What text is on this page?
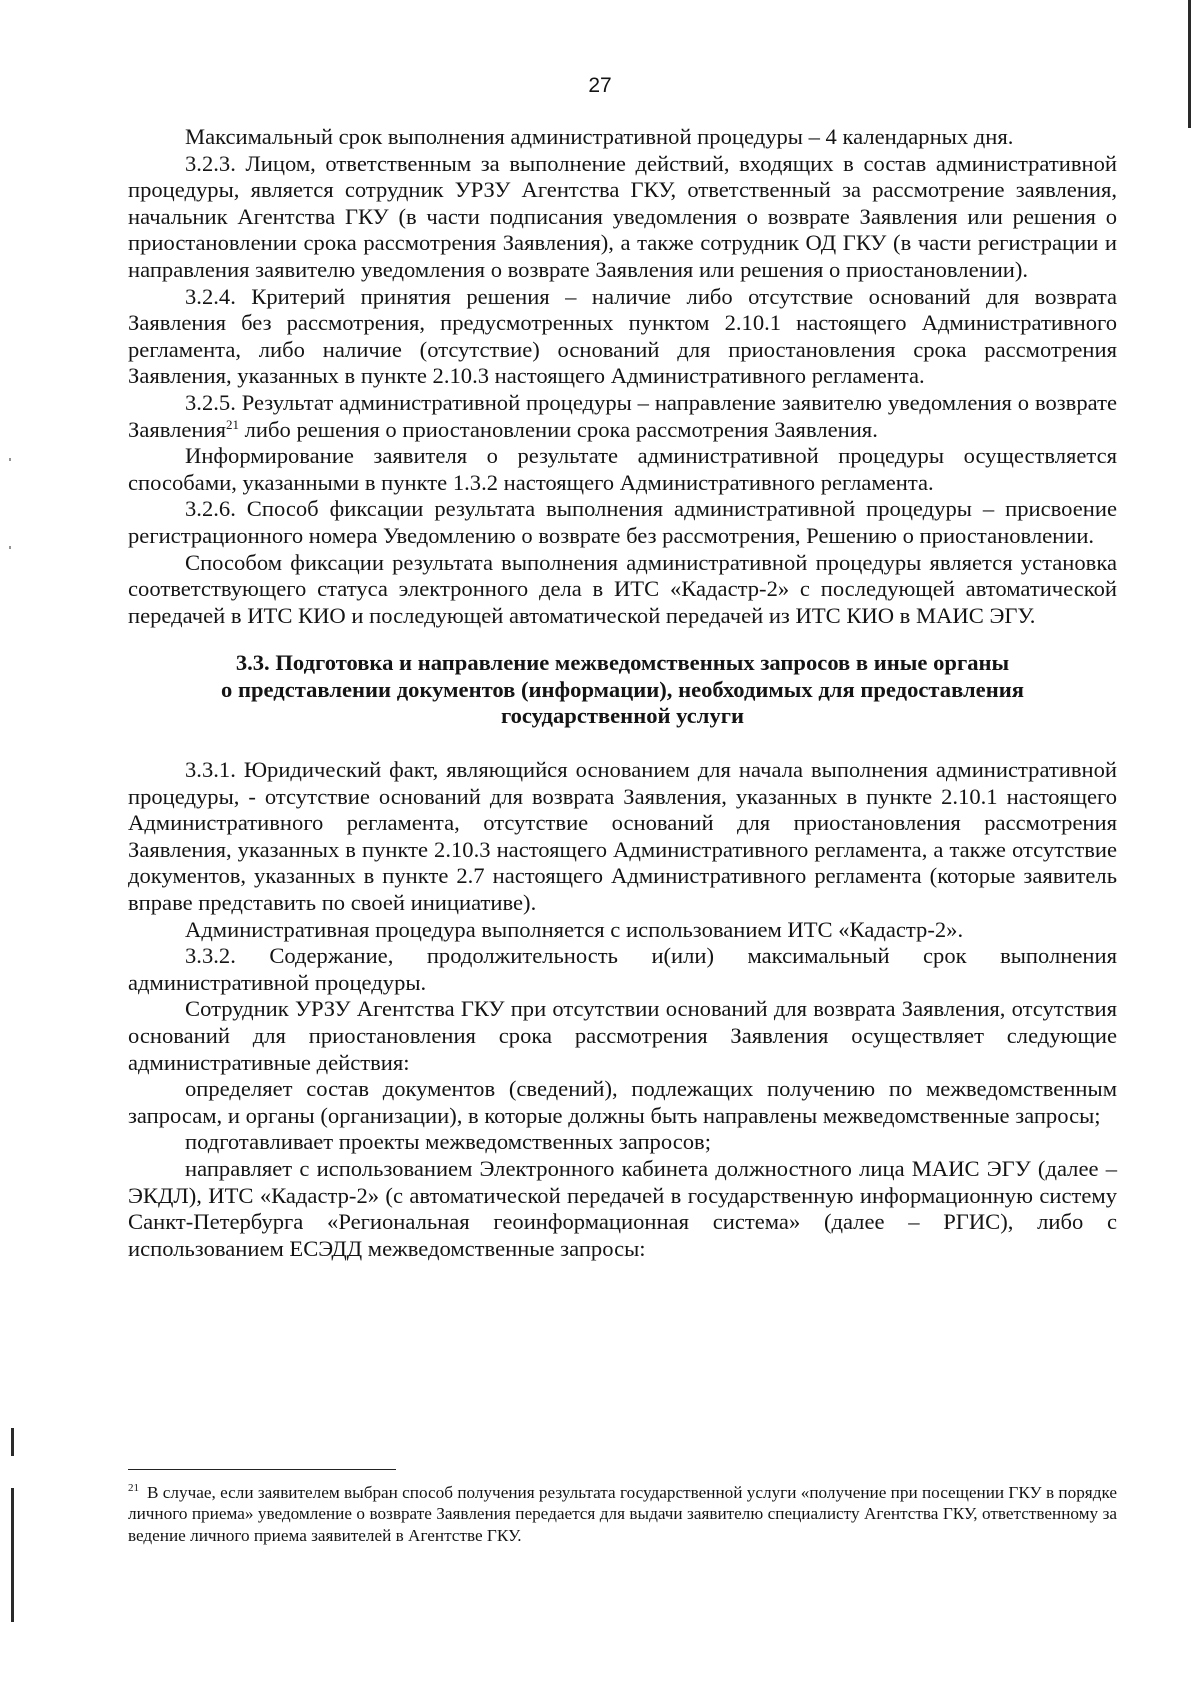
27

Максимальный срок выполнения административной процедуры – 4 календарных дня.

3.2.3. Лицом, ответственным за выполнение действий, входящих в состав административной процедуры, является сотрудник УРЗУ Агентства ГКУ, ответственный за рассмотрение заявления, начальник Агентства ГКУ (в части подписания уведомления о возврате Заявления или решения о приостановлении срока рассмотрения Заявления), а также сотрудник ОД ГКУ (в части регистрации и направления заявителю уведомления о возврате Заявления или решения о приостановлении).

3.2.4. Критерий принятия решения – наличие либо отсутствие оснований для возврата Заявления без рассмотрения, предусмотренных пунктом 2.10.1 настоящего Административного регламента, либо наличие (отсутствие) оснований для приостановления срока рассмотрения Заявления, указанных в пункте 2.10.3 настоящего Административного регламента.

3.2.5. Результат административной процедуры – направление заявителю уведомления о возврате Заявления$^{21}$ либо решения о приостановлении срока рассмотрения Заявления.

Информирование заявителя о результате административной процедуры осуществляется способами, указанными в пункте 1.3.2 настоящего Административного регламента.

3.2.6. Способ фиксации результата выполнения административной процедуры – присвоение регистрационного номера Уведомлению о возврате без рассмотрения, Решению о приостановлении.

Способом фиксации результата выполнения административной процедуры является установка соответствующего статуса электронного дела в ИТС «Кадастр-2» с последующей автоматической передачей в ИТС КИО и последующей автоматической передачей из ИТС КИО в МАИС ЭГУ.

3.3. Подготовка и направление межведомственных запросов в иные органы
о представлении документов (информации), необходимых для предоставления
государственной услуги

3.3.1. Юридический факт, являющийся основанием для начала выполнения административной процедуры, - отсутствие оснований для возврата Заявления, указанных в пункте 2.10.1 настоящего Административного регламента, отсутствие оснований для приостановления рассмотрения Заявления, указанных в пункте 2.10.3 настоящего Административного регламента, а также отсутствие документов, указанных в пункте 2.7 настоящего Административного регламента (которые заявитель вправе представить по своей инициативе).

Административная процедура выполняется с использованием ИТС «Кадастр-2».

3.3.2. Содержание, продолжительность и(или) максимальный срок выполнения административной процедуры.

Сотрудник УРЗУ Агентства ГКУ при отсутствии оснований для возврата Заявления, отсутствия оснований для приостановления срока рассмотрения Заявления осуществляет следующие административные действия:

определяет состав документов (сведений), подлежащих получению по межведомственным запросам, и органы (организации), в которые должны быть направлены межведомственные запросы;

подготавливает проекты межведомственных запросов;

направляет с использованием Электронного кабинета должностного лица МАИС ЭГУ (далее – ЭКДЛ), ИТС «Кадастр-2» (с автоматической передачей в государственную информационную систему Санкт-Петербурга «Региональная геоинформационная система» (далее – РГИС), либо с использованием ЕСЭДД межведомственные запросы:

$^{21}$ В случае, если заявителем выбран способ получения результата государственной услуги «получение при посещении ГКУ в порядке личного приема» уведомление о возврате Заявления передается для выдачи заявителю специалисту Агентства ГКУ, ответственному за ведение личного приема заявителей в Агентстве ГКУ.
